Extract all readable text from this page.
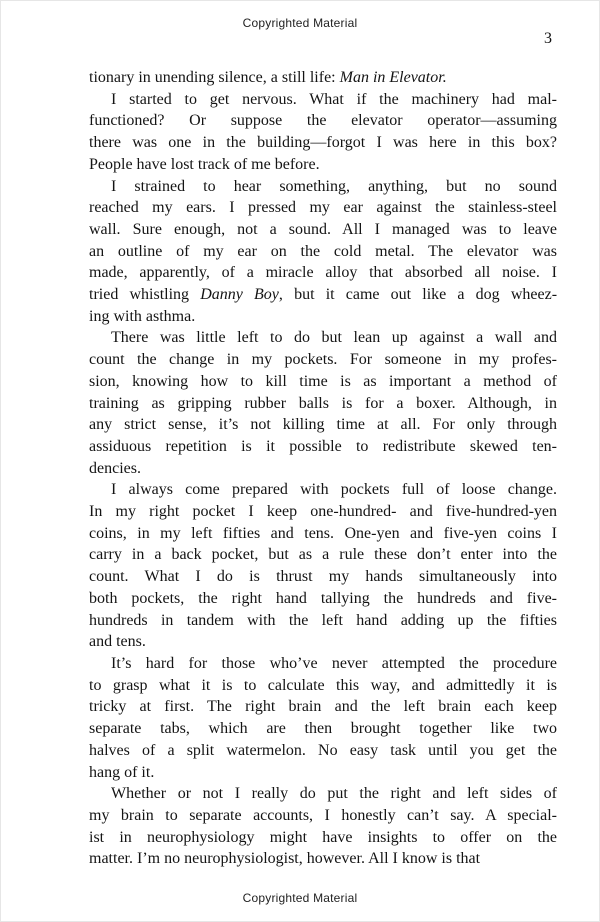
Copyrighted Material
3
tionary in unending silence, a still life: Man in Elevator.
I started to get nervous. What if the machinery had mal-
functioned? Or suppose the elevator operator—assuming
there was one in the building—forgot I was here in this box?
People have lost track of me before.
I strained to hear something, anything, but no sound
reached my ears. I pressed my ear against the stainless-steel
wall. Sure enough, not a sound. All I managed was to leave
an outline of my ear on the cold metal. The elevator was
made, apparently, of a miracle alloy that absorbed all noise. I
tried whistling Danny Boy, but it came out like a dog wheez-
ing with asthma.
There was little left to do but lean up against a wall and
count the change in my pockets. For someone in my profes-
sion, knowing how to kill time is as important a method of
training as gripping rubber balls is for a boxer. Although, in
any strict sense, it’s not killing time at all. For only through
assiduous repetition is it possible to redistribute skewed ten-
dencies.
I always come prepared with pockets full of loose change.
In my right pocket I keep one-hundred- and five-hundred-yen
coins, in my left fifties and tens. One-yen and five-yen coins I
carry in a back pocket, but as a rule these don’t enter into the
count. What I do is thrust my hands simultaneously into
both pockets, the right hand tallying the hundreds and five-
hundreds in tandem with the left hand adding up the fifties
and tens.
It’s hard for those who’ve never attempted the procedure
to grasp what it is to calculate this way, and admittedly it is
tricky at first. The right brain and the left brain each keep
separate tabs, which are then brought together like two
halves of a split watermelon. No easy task until you get the
hang of it.
Whether or not I really do put the right and left sides of
my brain to separate accounts, I honestly can’t say. A special-
ist in neurophysiology might have insights to offer on the
matter. I’m no neurophysiologist, however. All I know is that
Copyrighted Material
